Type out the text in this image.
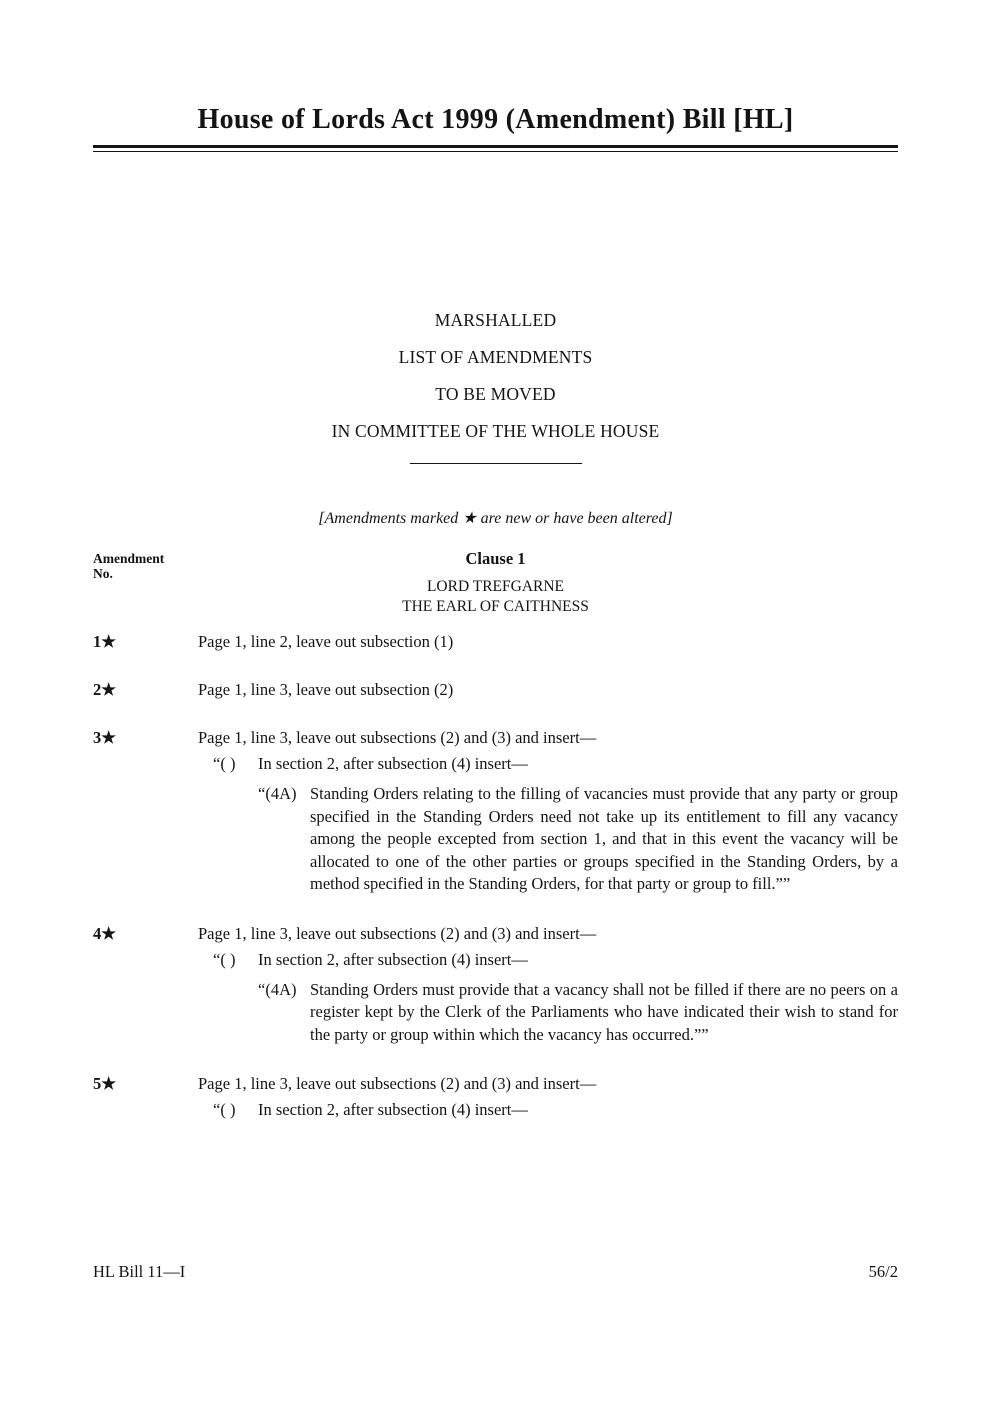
House of Lords Act 1999 (Amendment) Bill [HL]
MARSHALLED
LIST OF AMENDMENTS
TO BE MOVED
IN COMMITTEE OF THE WHOLE HOUSE
[Amendments marked ★ are new or have been altered]
Amendment
No.
Clause 1
LORD TREFGARNE
THE EARL OF CAITHNESS
1★	Page 1, line 2, leave out subsection (1)
2★	Page 1, line 3, leave out subsection (2)
3★	Page 1, line 3, leave out subsections (2) and (3) and insert—
“( ) In section 2, after subsection (4) insert—
“(4A) Standing Orders relating to the filling of vacancies must provide that any party or group specified in the Standing Orders need not take up its entitlement to fill any vacancy among the people excepted from section 1, and that in this event the vacancy will be allocated to one of the other parties or groups specified in the Standing Orders, by a method specified in the Standing Orders, for that party or group to fill.””
4★	Page 1, line 3, leave out subsections (2) and (3) and insert—
“( ) In section 2, after subsection (4) insert—
“(4A) Standing Orders must provide that a vacancy shall not be filled if there are no peers on a register kept by the Clerk of the Parliaments who have indicated their wish to stand for the party or group within which the vacancy has occurred.””
5★	Page 1, line 3, leave out subsections (2) and (3) and insert—
“( ) In section 2, after subsection (4) insert—
HL Bill 11—I	56/2
